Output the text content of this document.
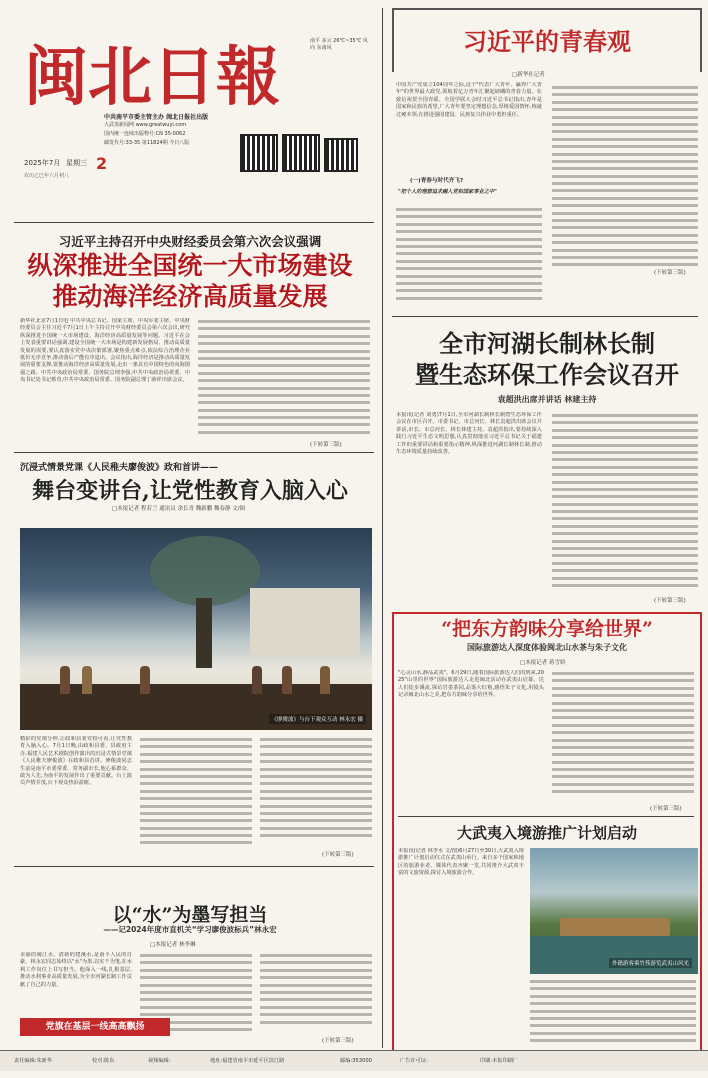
闽 北 日 報	南平 多云 26℃~35℃ 风向 东南风
中共南平市委主管主办 闽北日报社出版
大武夷新闻网 www.greatwuyi.com
国内统一连续出版物号:CN 35-0062
邮发代号:33-35 第11824期 今日八版
2025年7月 星期三 2
农历乙巳年六月初八
习近平主持召开中央财经委员会第六次会议强调
纵深推进全国统一大市场建设
推动海洋经济高质量发展
新华社北京7月1日电 中共中央总书记、国家主席、中央军委主席、中央财经委员会主任习近平7月1日上午主持召开中央财经委员会第六次会议,研究纵深推进全国统一大市场建设、海洋经济高质量发展等问题。习近平在会上发表重要讲话强调,建设全国统一大市场是构建新发展格局、推动高质量发展的需要,要认真落实党中央决策部署,聚焦重点难点,依法综合治理企业低价无序竞争,推动落后产能有序退出。会议指出,海洋经济是推动高质量发展的重要支撑,要推动海洋经济高质量发展,走出一条具有中国特色的向海图强之路。中共中央政治局常委、国务院总理李强,中共中央政治局常委、中央书记处书记蔡奇,中共中央政治局常委、国务院副总理丁薛祥出席会议。
(下转第三版)
习近平的青春观
□新华社记者
中国共产党成立104周年之际,这个"代表广大青年、赢得广大青年"的世界最大政党,领航着亿万青年汇聚起磅礴的青春力量。在致信祝贺全国青联、全国学联大会时习近平总书记指出,青年是国家和民族的希望,广大青年要坚定理想信念,厚植爱国情怀,练就过硬本领,在推进强国建设、民族复兴伟业中勇担重任。
(一)青春与时代齐飞?
"把个人的理想追求融入党和国家事业之中"
(下转第三版)
全市河湖长制林长制
暨生态环保工作会议召开
袁超洪出席并讲话 林建主持
本报讯(记者 刘勇)7月1日,全市河湖长制林长制暨生态环保工作会议在市区召开。市委书记、市总河长、林长袁超洪出席会议并讲话,市长、市总河长、林长林建主持。袁超洪指出,要持续深入践行习近平生态文明思想,认真贯彻落实习近平总书记关于福建工作的重要讲话和重要指示精神,纵深推进河湖长制林长制,推动生态环境质量持续改善。
(下转第三版)
沉浸式情景党课《人民稚夫廖俊波》政和首讲——
舞台变讲台,让党性教育入脑入心
□本报记者 程若兰 通讯员 余长青 魏新鹏 魏春静 文/图
《廖俊波》与台下观众互动 林永宏 摄
精彩的党课分钟,让政和县委党校可看,让党性教育入脑入心。7月1日晚,由政和县委、县政府主办,福建人民艺术剧院创作演出的沉浸式情景党课《人民稚夫廖俊波》在政和县首讲。廖俊波同志生前是南平市委常委、常务副市长,他心系群众、敢为人先,为南平的发展作出了重要贡献。台上演员声情并茂,台下观众热泪盈眶。
(下转第三版)
“把东方韵味分享给世界”
国际旅游达人深度体验闽北山水茶与朱子文化
□本报记者 蒋雪娇
"心灵山水,静品武夷"。6月29日,随着国际旅游达人们的到来,2025"山里的世界"国际旅游达人走进闽北活动在武夷山启幕。达人们徒步溪流,探访岩茶茶园,品鉴大红袍,感悟朱子文化,用镜头记录闽北山水之美,把东方韵味分享给世界。
(下转第三版)
大武夷入境游推广计划启动
本报讯(记者 林李水 文/图)6月27日至30日,大武夷入境游推广计划启动仪式在武夷山举行。来自多个国家和地区的旅游业者、媒体代表齐聚一堂,共同推介大武夷丰富的文旅资源,探讨入境旅游合作。
外籍游客乘竹筏游览武夷山风光
以“水”为墨写担当
——记2024年度市直机关“学习廖俊波标兵”林永宏
□本报记者 林李琳
美丽的闽江水、清新的建溪水,是南平人民的自豪。林永宏同志始终以"水"为墨,以实干为笔,在水利工作岗位上书写担当。他深入一线,扎根基层,推动水利事业高质量发展,为全市河湖长制工作贡献了自己的力量。
(下转第三版)
党旗在基层一线高高飘扬
责任编辑:朱新华	校对:陈东	视频编辑:	地址:福建省南平市延平区滨江路	邮编:353000	广告许可证:	印刷:本报印刷厂
